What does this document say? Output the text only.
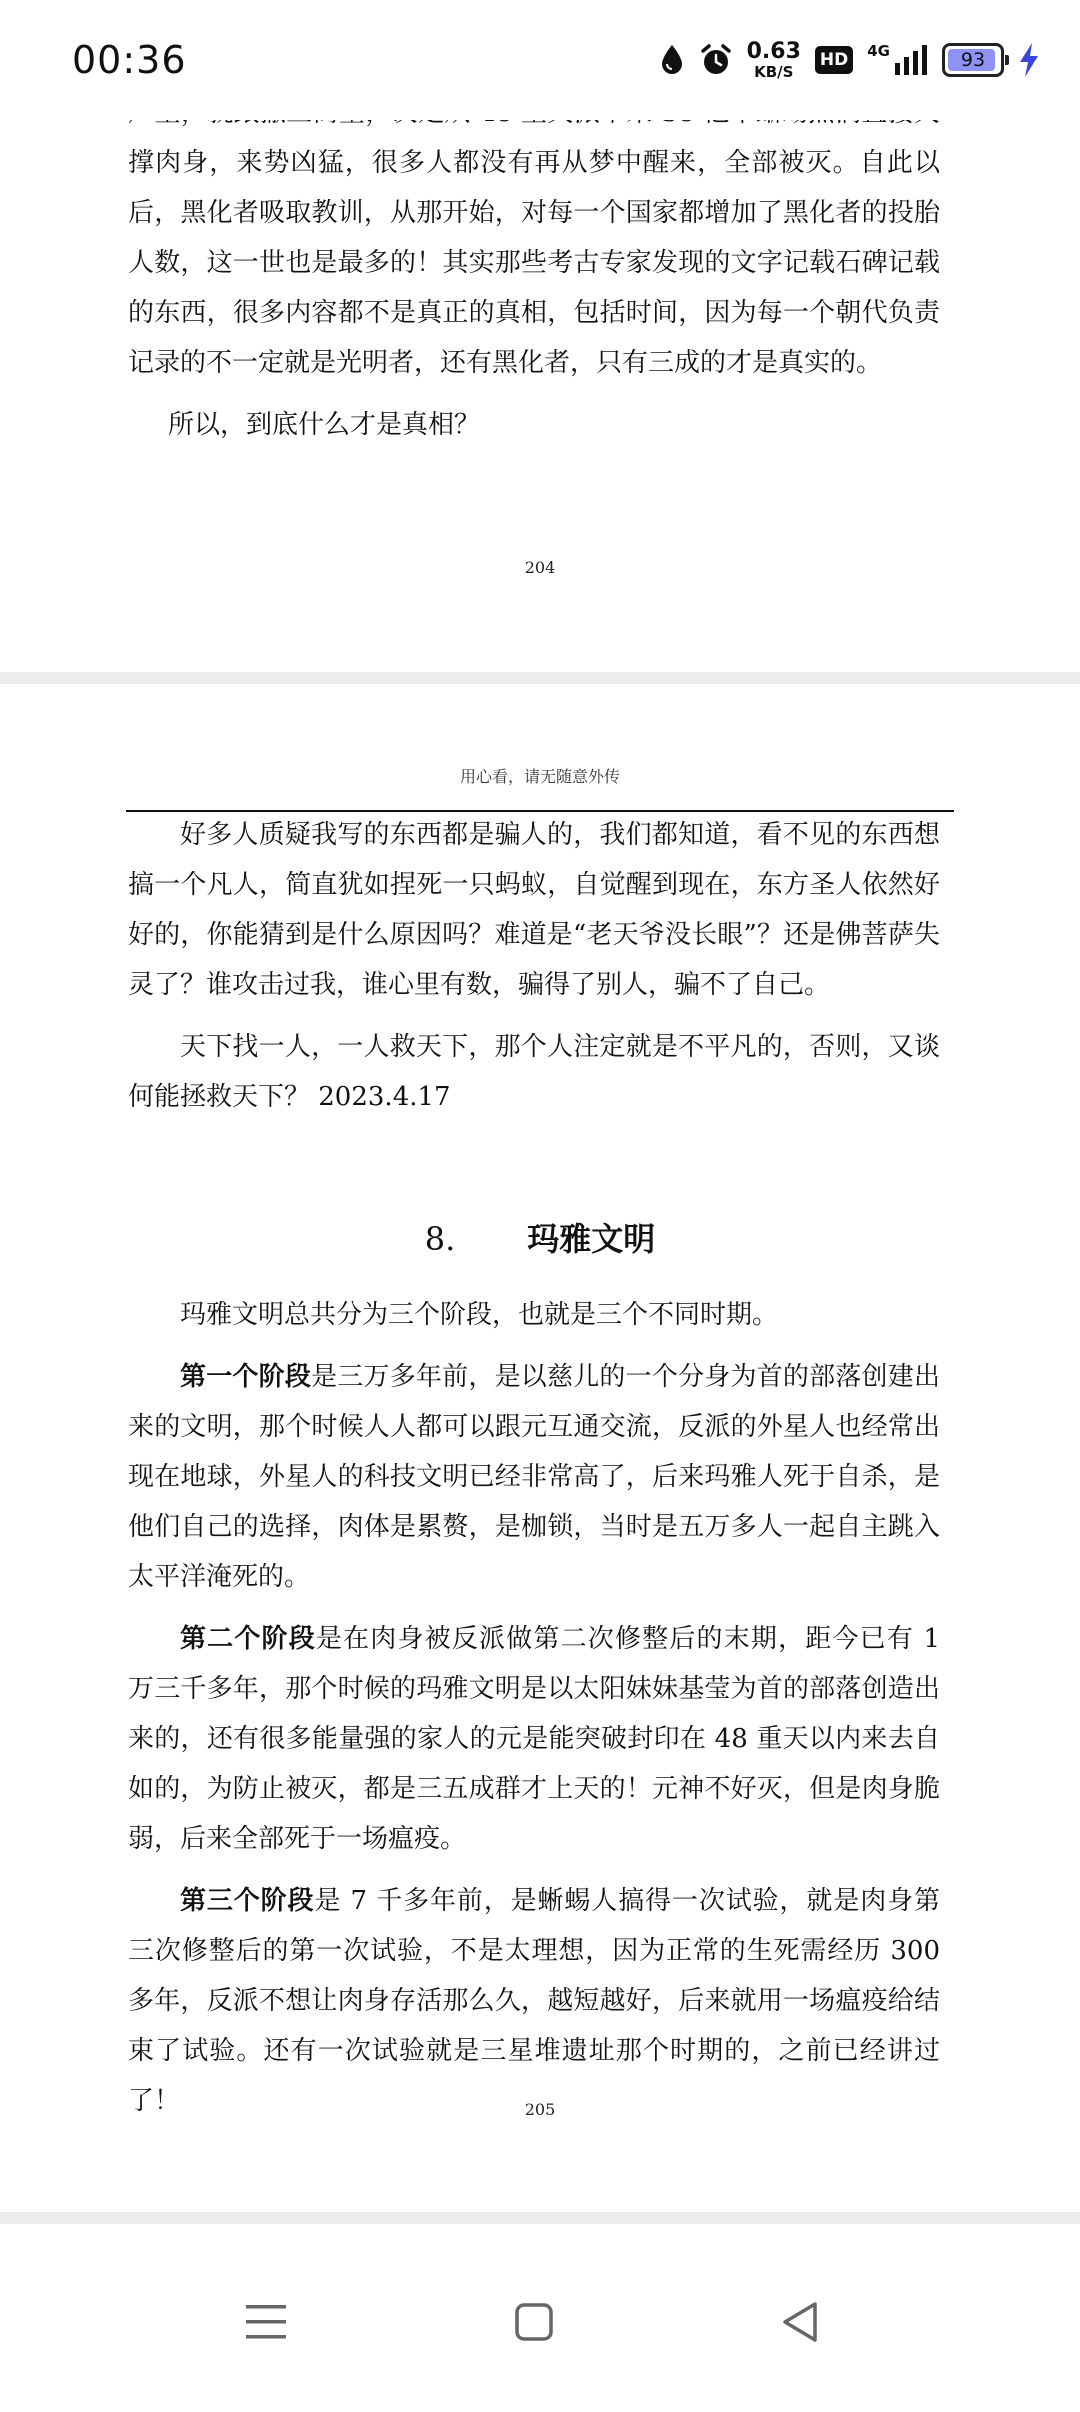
00:36	0.63
KB/S
HD	4G	93

撑肉身，来势凶猛，很多人都没有再从梦中醒来，全部被灭。自此以后，黑化者吸取教训，从那开始，对每一个国家都增加了黑化者的投胎人数，这一世也是最多的！其实那些考古专家发现的文字记载石碑记载的东西，很多内容都不是真正的真相，包括时间，因为每一个朝代负责记录的不一定就是光明者，还有黑化者，只有三成的才是真实的。

所以，到底什么才是真相？

204
用心看，请无随意外传

好多人质疑我写的东西都是骗人的，我们都知道，看不见的东西想搞一个凡人，简直犹如捏死一只蚂蚁，自觉醒到现在，东方圣人依然好好的，你能猜到是什么原因吗？难道是“老天爷没长眼”？还是佛菩萨失灵了？谁攻击过我，谁心里有数，骗得了别人，骗不了自己。

天下找一人，一人救天下，那个人注定就是不平凡的，否则，又谈何能拯救天下？ 2023.4.17

8. 玛雅文明

玛雅文明总共分为三个阶段，也就是三个不同时期。

第一个阶段是三万多年前，是以慈儿的一个分身为首的部落创建出来的文明，那个时候人人都可以跟元互通交流，反派的外星人也经常出现在地球，外星人的科技文明已经非常高了，后来玛雅人死于自杀，是他们自己的选择，肉体是累赘，是枷锁，当时是五万多人一起自主跳入太平洋淹死的。

第二个阶段是在肉身被反派做第二次修整后的末期，距今已有 1 万三千多年，那个时候的玛雅文明是以太阳妹妹基莹为首的部落创造出来的，还有很多能量强的家人的元是能突破封印在 48 重天以内来去自如的，为防止被灭，都是三五成群才上天的！元神不好灭，但是肉身脆弱，后来全部死于一场瘟疫。

第三个阶段是 7 千多年前，是蜥蜴人搞得一次试验，就是肉身第三次修整后的第一次试验，不是太理想，因为正常的生死需经历 300 多年，反派不想让肉身存活那么久，越短越好，后来就用一场瘟疫给结束了试验。还有一次试验就是三星堆遗址那个时期的，之前已经讲过了！	205
